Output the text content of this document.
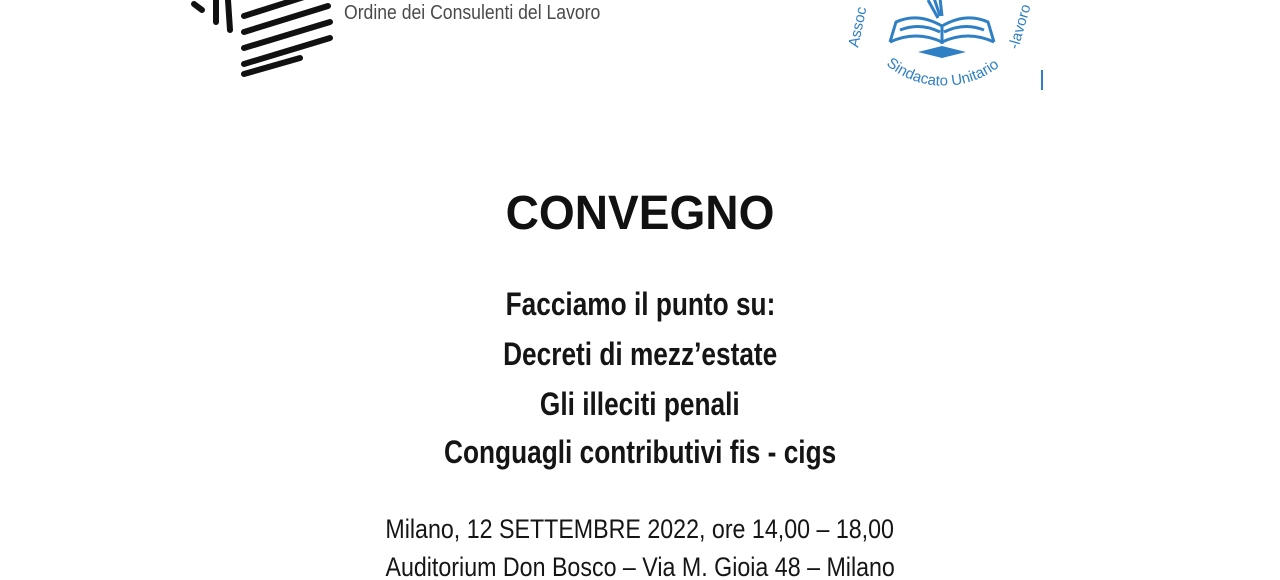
Ordine dei Consulenti del Lavoro	Assoc	-lavoro
Sindacato Unitario
CONVEGNO
Facciamo il punto su:
Decreti di mezz’estate
Gli illeciti penali
Conguagli contributivi fis - cigs
Milano, 12 SETTEMBRE 2022, ore 14,00 – 18,00
Auditorium Don Bosco – Via M. Gioia 48 – Milano
